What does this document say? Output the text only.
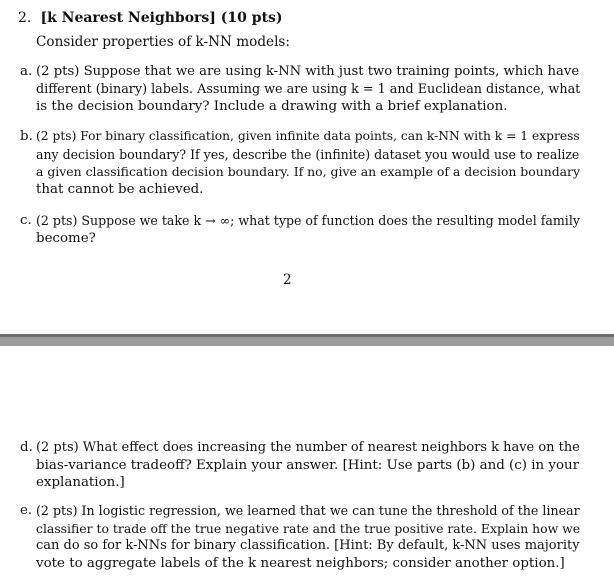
2. [k Nearest Neighbors] (10 pts)
Consider properties of k-NN models:
a. (2 pts) Suppose that we are using k-NN with just two training points, which have
different (binary) labels. Assuming we are using k = 1 and Euclidean distance, what
is the decision boundary? Include a drawing with a brief explanation.
b. (2 pts) For binary classification, given infinite data points, can k-NN with k = 1 express
any decision boundary? If yes, describe the (infinite) dataset you would use to realize
a given classification decision boundary. If no, give an example of a decision boundary
that cannot be achieved.
c. (2 pts) Suppose we take k → ∞; what type of function does the resulting model family
become?
2
d. (2 pts) What effect does increasing the number of nearest neighbors k have on the
bias-variance tradeoff? Explain your answer. [Hint: Use parts (b) and (c) in your
explanation.]
e. (2 pts) In logistic regression, we learned that we can tune the threshold of the linear
classifier to trade off the true negative rate and the true positive rate. Explain how we
can do so for k-NNs for binary classification. [Hint: By default, k-NN uses majority
vote to aggregate labels of the k nearest neighbors; consider another option.]
